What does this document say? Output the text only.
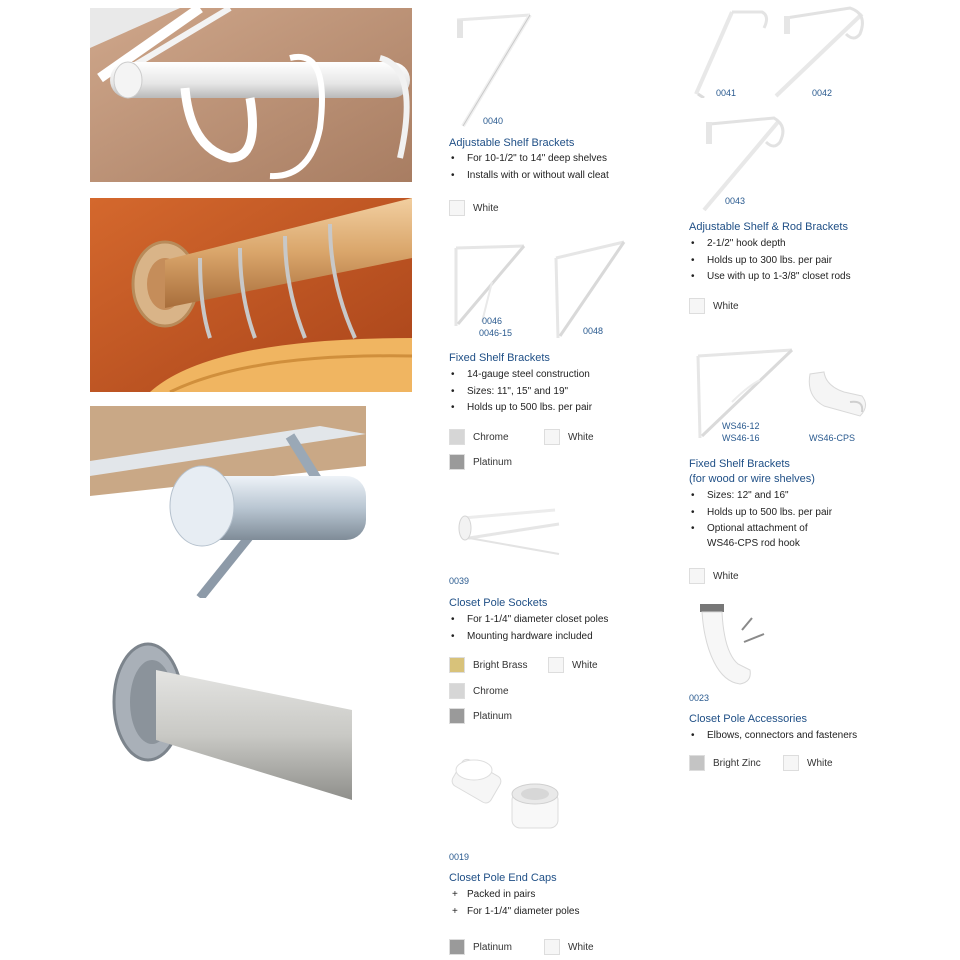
0040
Adjustable Shelf Brackets
• For 10-1/2" to 14" deep shelves
• Installs with or without wall cleat
White
0046
0046-15	0048
Fixed Shelf Brackets
• 14-gauge steel construction
• Sizes: 11", 15" and 19"
• Holds up to 500 lbs. per pair
Chrome	White
Platinum
0039
Closet Pole Sockets
• For 1-1/4" diameter closet poles
• Mounting hardware included
Bright Brass	White
Chrome
Platinum
0019
Closet Pole End Caps
+ Packed in pairs
+ For 1-1/4" diameter poles
Platinum	White
0041	0042
0043
Adjustable Shelf & Rod Brackets
• 2-1/2" hook depth
• Holds up to 300 lbs. per pair
• Use with up to 1-3/8" closet rods
White
WS46-12
WS46-16	WS46-CPS
Fixed Shelf Brackets
(for wood or wire shelves)
• Sizes: 12" and 16"
• Holds up to 500 lbs. per pair
• Optional attachment of
WS46-CPS rod hook
White
0023
Closet Pole Accessories
• Elbows, connectors and fasteners
Bright Zinc	White
